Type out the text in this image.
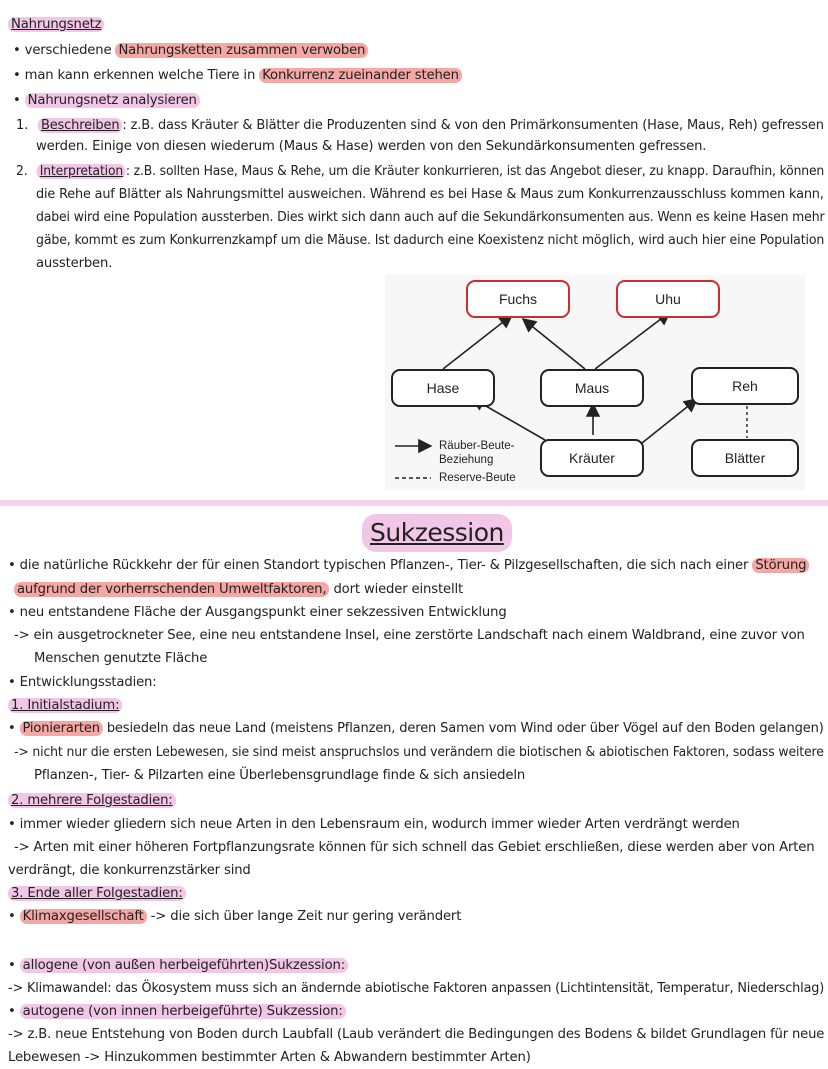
Nahrungsnetz
• verschiedene Nahrungsketten zusammen verwoben
• man kann erkennen welche Tiere in Konkurrenz zueinander stehen
• Nahrungsnetz analysieren
1. Beschreiben : z.B. dass Kräuter & Blätter die Produzenten sind & von den Primärkonsumenten (Hase, Maus, Reh) gefressen
werden. Einige von diesen wiederum (Maus & Hase) werden von den Sekundärkonsumenten gefressen.
2. Interpretation : z.B. sollten Hase, Maus & Rehe, um die Kräuter konkurrieren, ist das Angebot dieser, zu knapp. Daraufhin, können
die Rehe auf Blätter als Nahrungsmittel ausweichen. Während es bei Hase & Maus zum Konkurrenzausschluss kommen kann,
dabei wird eine Population aussterben. Dies wirkt sich dann auch auf die Sekundärkonsumenten aus. Wenn es keine Hasen mehr
gäbe, kommt es zum Konkurrenzkampf um die Mäuse. Ist dadurch eine Koexistenz nicht möglich, wird auch hier eine Population
aussterben.
Fuchs	Uhu
Hase	Maus	Reh
Kräuter	Blätter
Räuber-Beute-
Beziehung
Reserve-Beute
Sukzession
• die natürliche Rückkehr der für einen Standort typischen Pflanzen-, Tier- & Pilzgesellschaften, die sich nach einer Störung
aufgrund der vorherrschenden Umweltfaktoren, dort wieder einstellt
• neu entstandene Fläche der Ausgangspunkt einer sekzessiven Entwicklung
-> ein ausgetrockneter See, eine neu entstandene Insel, eine zerstörte Landschaft nach einem Waldbrand, eine zuvor von
Menschen genutzte Fläche
• Entwicklungsstadien:
1. Initialstadium:
• Pionierarten besiedeln das neue Land (meistens Pflanzen, deren Samen vom Wind oder über Vögel auf den Boden gelangen)
-> nicht nur die ersten Lebewesen, sie sind meist anspruchslos und verändern die biotischen & abiotischen Faktoren, sodass weitere
Pflanzen-, Tier- & Pilzarten eine Überlebensgrundlage finde & sich ansiedeln
2. mehrere Folgestadien:
• immer wieder gliedern sich neue Arten in den Lebensraum ein, wodurch immer wieder Arten verdrängt werden
-> Arten mit einer höheren Fortpflanzungsrate können für sich schnell das Gebiet erschließen, diese werden aber von Arten
verdrängt, die konkurrenzstärker sind
3. Ende aller Folgestadien:
• Klimaxgesellschaft -> die sich über lange Zeit nur gering verändert
• allogene (von außen herbeigeführten)Sukzession:
-> Klimawandel: das Ökosystem muss sich an ändernde abiotische Faktoren anpassen (Lichtintensität, Temperatur, Niederschlag)
• autogene (von innen herbeigeführte) Sukzession:
-> z.B. neue Entstehung von Boden durch Laubfall (Laub verändert die Bedingungen des Bodens & bildet Grundlagen für neue
Lebewesen -> Hinzukommen bestimmter Arten & Abwandern bestimmter Arten)
